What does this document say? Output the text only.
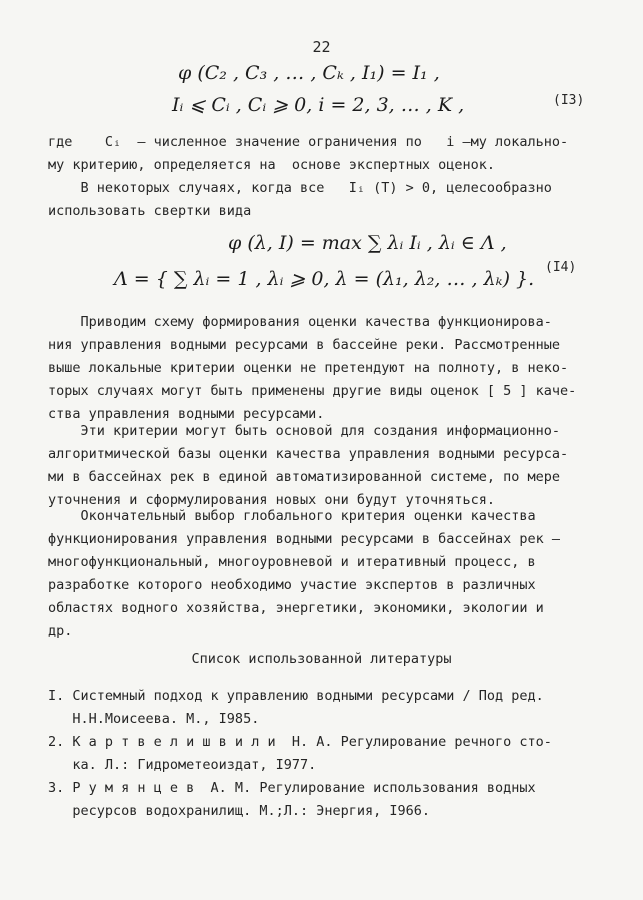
22
φ (C₂ , C₃ , … , Cₖ , I₁) = I₁ ,
Iᵢ ⩽ Cᵢ , Cᵢ ⩾ 0, i = 2, 3, … , K ,	(I3)
где    Cᵢ  – численное значение ограничения по   i –му локально-
му критерию, определяется на  основе экспертных оценок.
В некоторых случаях, когда все   Iᵢ (T) > 0, целесообразно
использовать свертки вида
φ (λ, I) = max ∑ λᵢ Iᵢ , λᵢ ∈ Λ ,
Λ = { ∑ λᵢ = 1 , λᵢ ⩾ 0, λ = (λ₁, λ₂, … , λₖ) }.
(I4)
Приводим схему формирования оценки качества функционирова-
ния управления водными ресурсами в бассейне реки. Рассмотренные
выше локальные критерии оценки не претендуют на полноту, в неко-
торых случаях могут быть применены другие виды оценок [ 5 ] каче-
ства управления водными ресурсами.
Эти критерии могут быть основой для создания информационно-
алгоритмической базы оценки качества управления водными ресурса-
ми в бассейнах рек в единой автоматизированной системе, по мере
уточнения и сформулирования новых они будут уточняться.
Окончательный выбор глобального критерия оценки качества
функционирования управления водными ресурсами в бассейнах рек –
многофункциональный, многоуровневой и итеративный процесс, в
разработке которого необходимо участие экспертов в различных
областях водного хозяйства, энергетики, экономики, экологии и
др.
Список использованной литературы
I. Системный подход к управлению водными ресурсами / Под ред.
Н.Н.Моисеева. М., I985.
2. К а р т в е л и ш в и л и  Н. А. Регулирование речного сто-
ка. Л.: Гидрометеоиздат, I977.
3. Р у м я н ц е в  А. М. Регулирование использования водных
ресурсов водохранилищ. М.;Л.: Энергия, I966.
